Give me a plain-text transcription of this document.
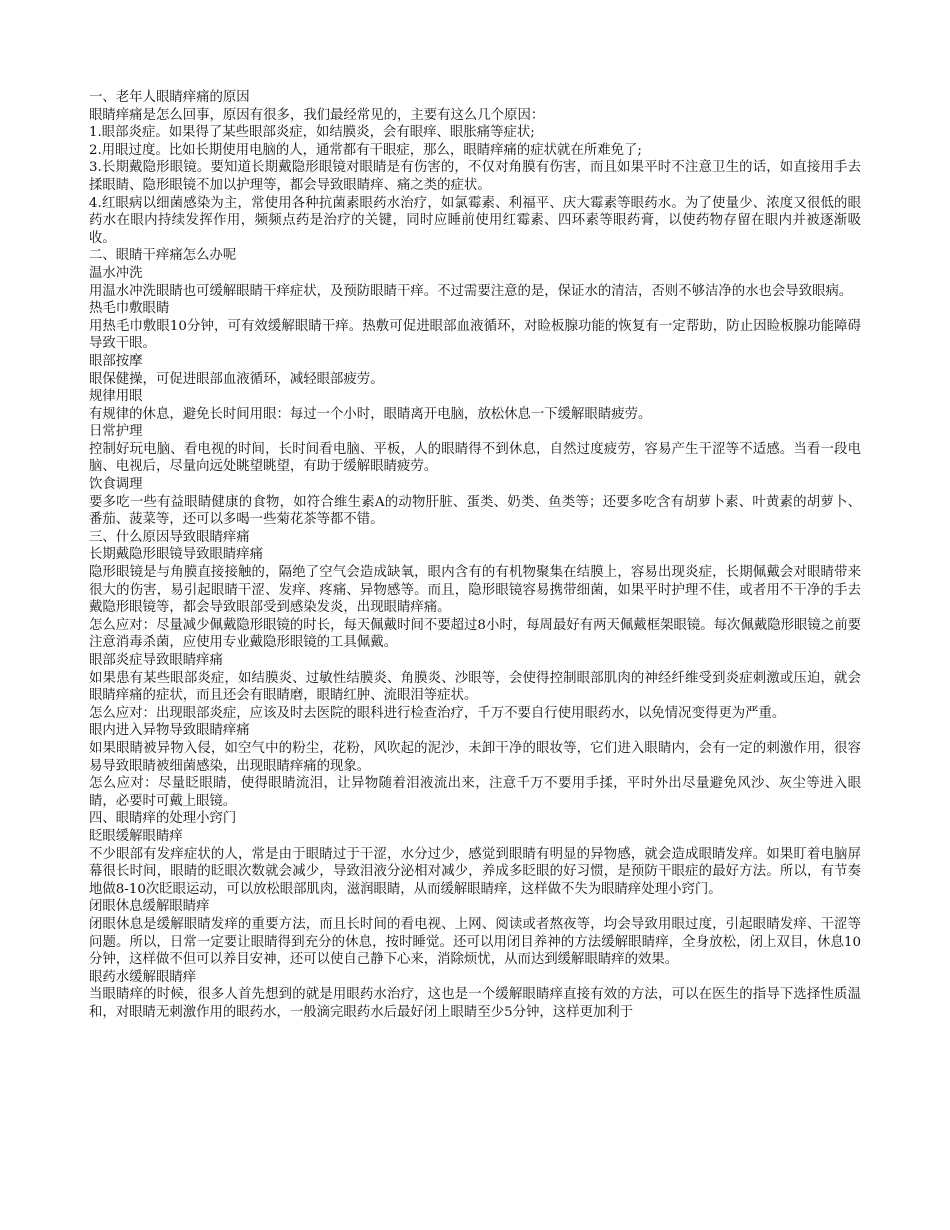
一、老年人眼睛痒痛的原因

眼睛痒痛是怎么回事，原因有很多，我们最经常见的，主要有这么几个原因：

1.眼部炎症。如果得了某些眼部炎症，如结膜炎，会有眼痒、眼胀痛等症状;

2.用眼过度。比如长期使用电脑的人，通常都有干眼症，那么，眼睛痒痛的症状就在所难免了;

3.长期戴隐形眼镜。要知道长期戴隐形眼镜对眼睛是有伤害的，不仅对角膜有伤害，而且如果平时不注意卫生的话，如直接用手去揉眼睛、隐形眼镜不加以护理等，都会导致眼睛痒、痛之类的症状。

4.红眼病以细菌感染为主，常使用各种抗菌素眼药水治疗，如氯霉素、利福平、庆大霉素等眼药水。为了使量少、浓度又很低的眼药水在眼内持续发挥作用，频频点药是治疗的关键，同时应睡前使用红霉素、四环素等眼药膏，以使药物存留在眼内并被逐渐吸收。

二、眼睛干痒痛怎么办呢

温水冲洗

用温水冲洗眼睛也可缓解眼睛干痒症状，及预防眼睛干痒。不过需要注意的是，保证水的清洁，否则不够洁净的水也会导致眼病。

热毛巾敷眼睛

用热毛巾敷眼10分钟，可有效缓解眼睛干痒。热敷可促进眼部血液循环，对睑板腺功能的恢复有一定帮助，防止因睑板腺功能障碍导致干眼。

眼部按摩

眼保健操，可促进眼部血液循环，减轻眼部疲劳。

规律用眼

有规律的休息，避免长时间用眼：每过一个小时，眼睛离开电脑，放松休息一下缓解眼睛疲劳。

日常护理

控制好玩电脑、看电视的时间，长时间看电脑、平板，人的眼睛得不到休息，自然过度疲劳，容易产生干涩等不适感。当看一段电脑、电视后，尽量向远处眺望眺望，有助于缓解眼睛疲劳。

饮食调理

要多吃一些有益眼睛健康的食物，如符合维生素A的动物肝脏、蛋类、奶类、鱼类等；还要多吃含有胡萝卜素、叶黄素的胡萝卜、番茄、菠菜等，还可以多喝一些菊花茶等都不错。

三、什么原因导致眼睛痒痛

长期戴隐形眼镜导致眼睛痒痛

隐形眼镜是与角膜直接接触的，隔绝了空气会造成缺氧，眼内含有的有机物聚集在结膜上，容易出现炎症，长期佩戴会对眼睛带来很大的伤害，易引起眼睛干涩、发痒、疼痛、异物感等。而且，隐形眼镜容易携带细菌，如果平时护理不佳，或者用不干净的手去戴隐形眼镜等，都会导致眼部受到感染发炎，出现眼睛痒痛。

怎么应对：尽量减少佩戴隐形眼镜的时长，每天佩戴时间不要超过8小时，每周最好有两天佩戴框架眼镜。每次佩戴隐形眼镜之前要注意消毒杀菌，应使用专业戴隐形眼镜的工具佩戴。

眼部炎症导致眼睛痒痛

如果患有某些眼部炎症，如结膜炎、过敏性结膜炎、角膜炎、沙眼等，会使得控制眼部肌肉的神经纤维受到炎症刺激或压迫，就会眼睛痒痛的症状，而且还会有眼睛磨，眼睛红肿、流眼泪等症状。

怎么应对：出现眼部炎症，应该及时去医院的眼科进行检查治疗，千万不要自行使用眼药水，以免情况变得更为严重。

眼内进入异物导致眼睛痒痛

如果眼睛被异物入侵，如空气中的粉尘，花粉，风吹起的泥沙，未卸干净的眼妆等，它们进入眼睛内，会有一定的刺激作用，很容易导致眼睛被细菌感染，出现眼睛痒痛的现象。

怎么应对：尽量眨眼睛，使得眼睛流泪，让异物随着泪液流出来，注意千万不要用手揉，平时外出尽量避免风沙、灰尘等进入眼睛，必要时可戴上眼镜。

四、眼睛痒的处理小窍门

眨眼缓解眼睛痒

不少眼部有发痒症状的人，常是由于眼睛过于干涩，水分过少，感觉到眼睛有明显的异物感，就会造成眼睛发痒。如果盯着电脑屏幕很长时间，眼睛的眨眼次数就会减少，导致泪液分泌相对减少，养成多眨眼的好习惯，是预防干眼症的最好方法。所以，有节奏地做8-10次眨眼运动，可以放松眼部肌肉，滋润眼睛，从而缓解眼睛痒，这样做不失为眼睛痒处理小窍门。

闭眼休息缓解眼睛痒

闭眼休息是缓解眼睛发痒的重要方法，而且长时间的看电视、上网、阅读或者熬夜等，均会导致用眼过度，引起眼睛发痒、干涩等问题。所以，日常一定要让眼睛得到充分的休息，按时睡觉。还可以用闭目养神的方法缓解眼睛痒，全身放松，闭上双目，休息10分钟，这样做不但可以养目安神，还可以使自己静下心来，消除烦忧，从而达到缓解眼睛痒的效果。

眼药水缓解眼睛痒

当眼睛痒的时候，很多人首先想到的就是用眼药水治疗，这也是一个缓解眼睛痒直接有效的方法，可以在医生的指导下选择性质温和，对眼睛无刺激作用的眼药水，一般滴完眼药水后最好闭上眼睛至少5分钟，这样更加利于
